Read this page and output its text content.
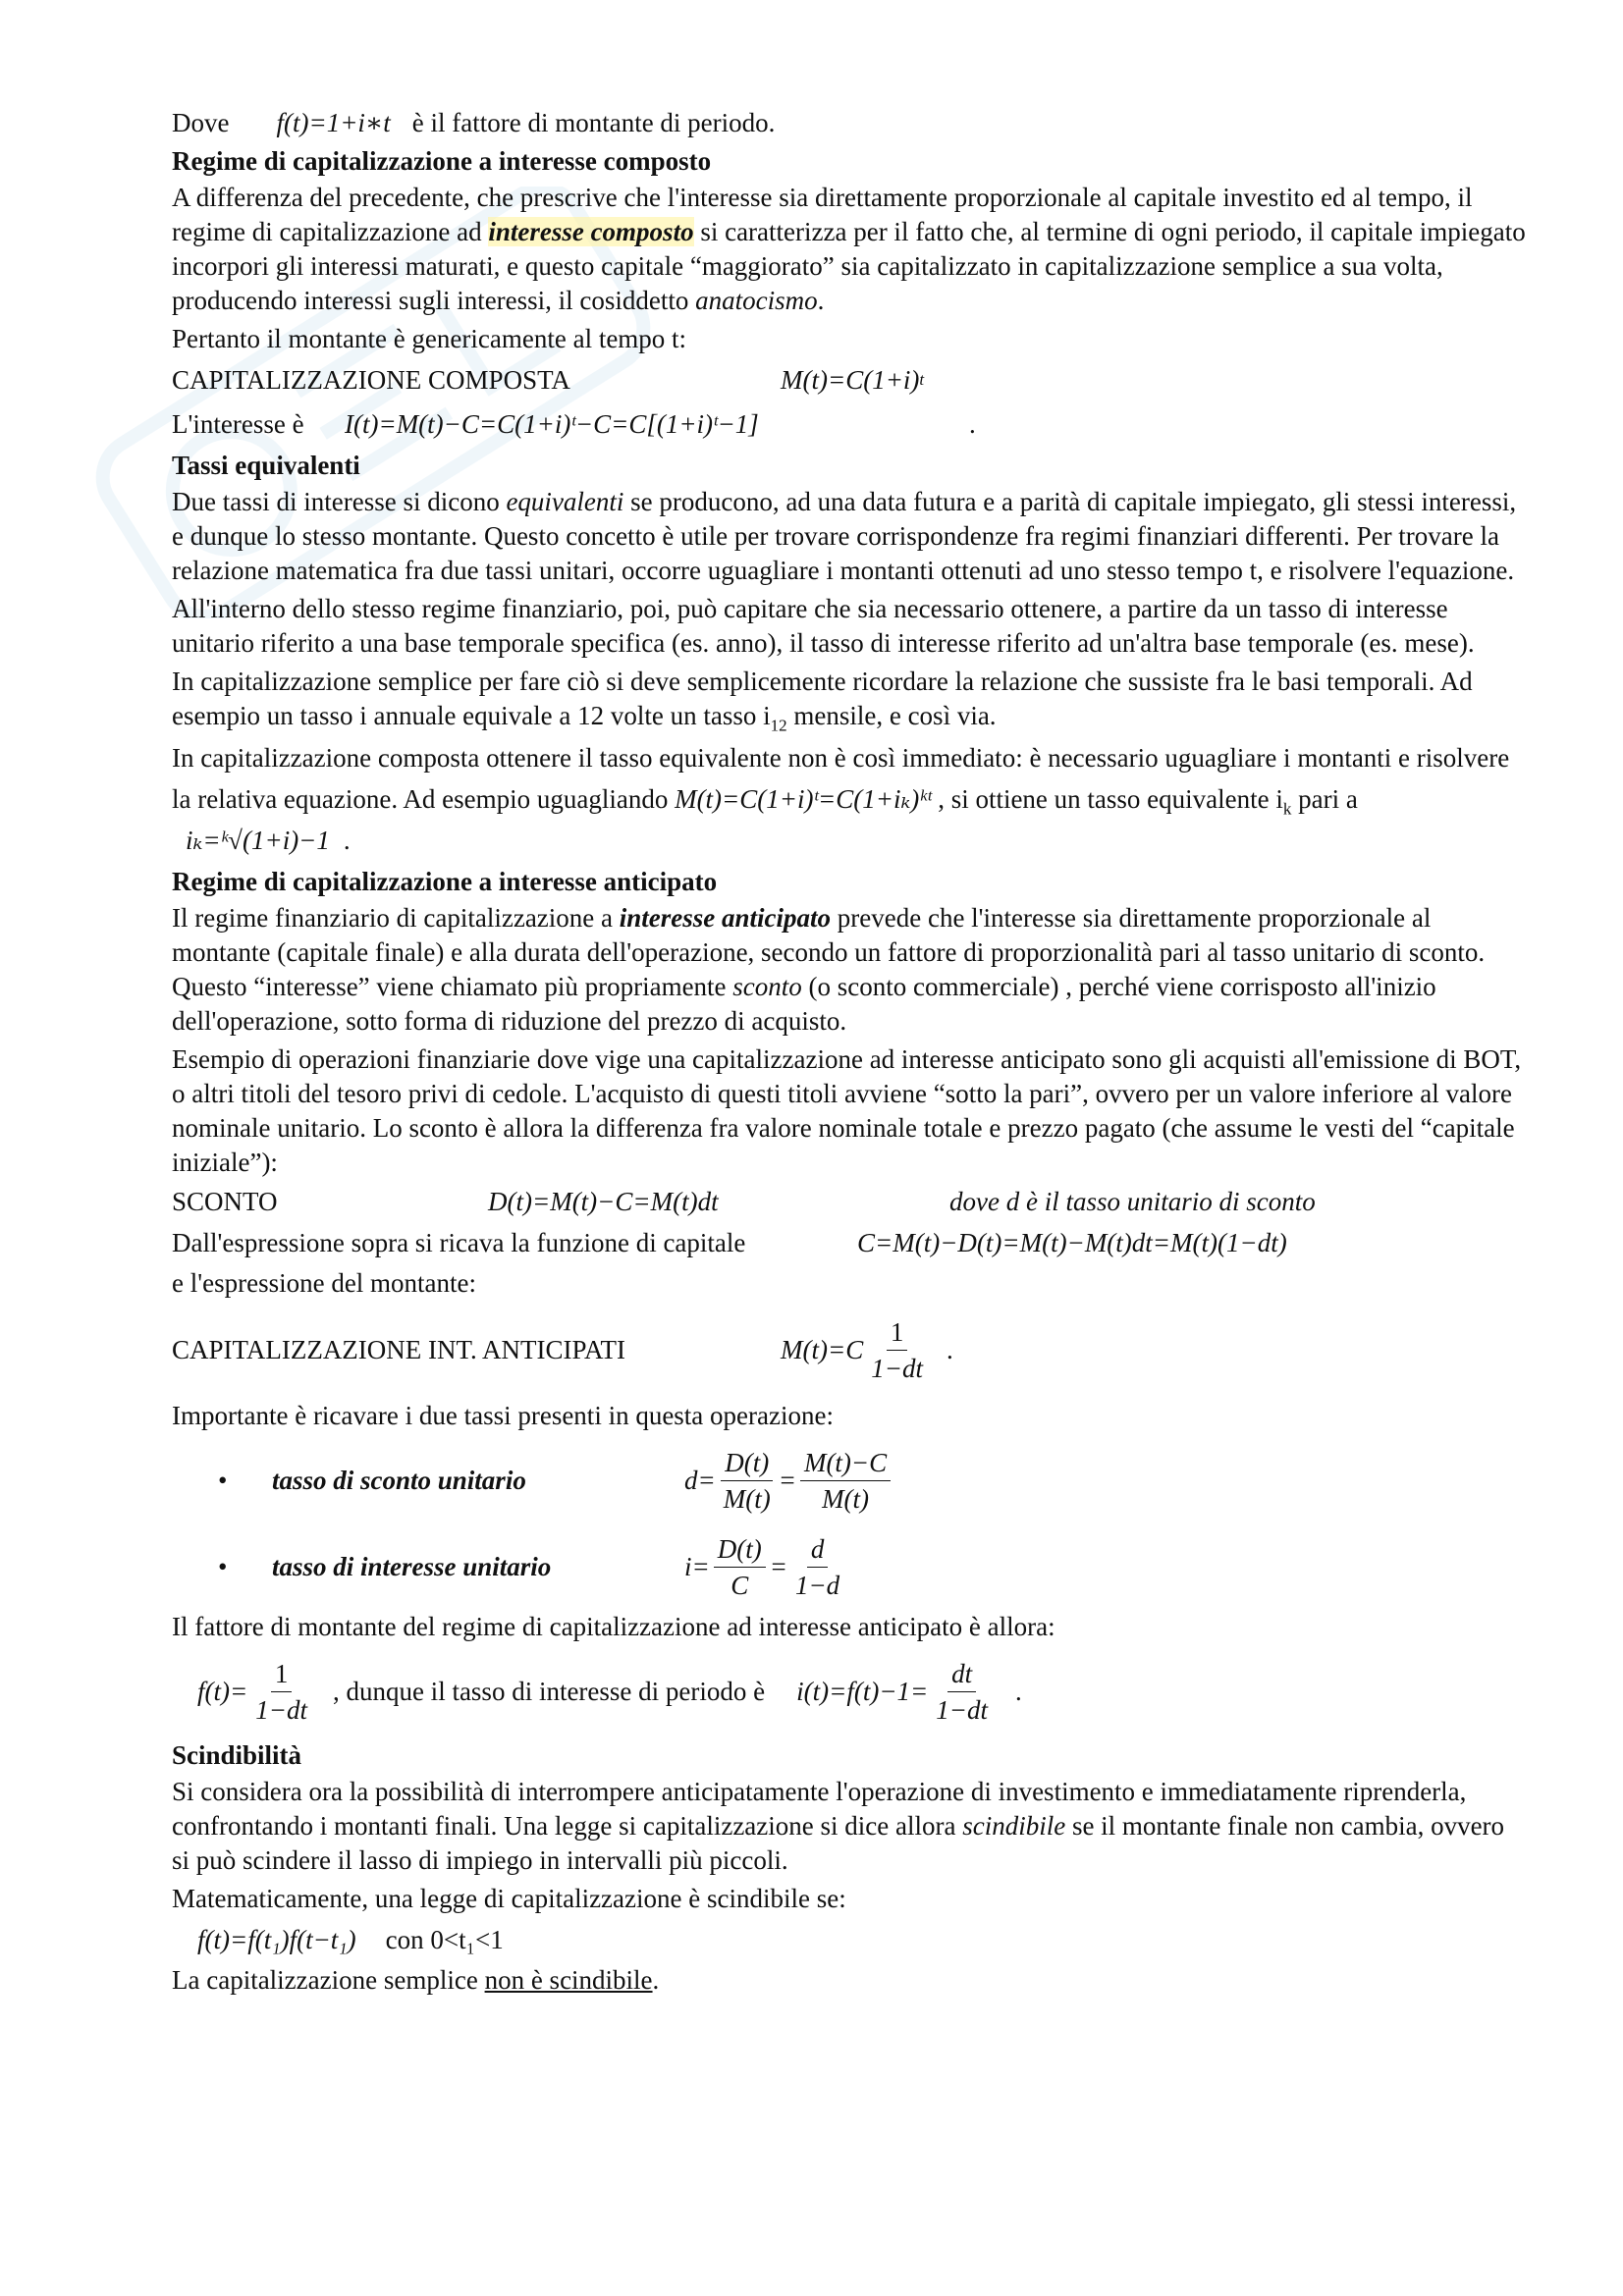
Dove f(t)=1+i∗t è il fattore di montante di periodo.

Regime di capitalizzazione a interesse composto

A differenza del precedente, che prescrive che l'interesse sia direttamente proporzionale al capitale investito ed al tempo, il regime di capitalizzazione ad interesse composto si caratterizza per il fatto che, al termine di ogni periodo, il capitale impiegato incorpori gli interessi maturati, e questo capitale “maggiorato” sia capitalizzato in capitalizzazione semplice a sua volta, producendo interessi sugli interessi, il cosiddetto anatocismo.

Pertanto il montante è genericamente al tempo t:

CAPITALIZZAZIONE COMPOSTA	M(t)=C(1+i) t

L'interesse è	I(t)=M(t)−C=C(1+i)ᵗ−C=C[(1+i)ᵗ−1]	.

Tassi equivalenti

Due tassi di interesse si dicono equivalenti se producono, ad una data futura e a parità di capitale impiegato, gli stessi interessi, e dunque lo stesso montante. Questo concetto è utile per trovare corrispondenze fra regimi finanziari differenti. Per trovare la relazione matematica fra due tassi unitari, occorre uguagliare i montanti ottenuti ad uno stesso tempo t, e risolvere l'equazione.

All'interno dello stesso regime finanziario, poi, può capitare che sia necessario ottenere, a partire da un tasso di interesse unitario riferito a una base temporale specifica (es. anno), il tasso di interesse riferito ad un'altra base temporale (es. mese).

In capitalizzazione semplice per fare ciò si deve semplicemente ricordare la relazione che sussiste fra le basi temporali. Ad esempio un tasso i annuale equivale a 12 volte un tasso $i_{12}$ mensile, e così via.

In capitalizzazione composta ottenere il tasso equivalente non è così immediato: è necessario uguagliare i montanti e risolvere la relativa equazione. Ad esempio uguagliando M(t)=C(1+i)ᵗ=C(1+iₖ)ᵏᵗ , si ottiene un tasso equivalente $i_k$ pari a iₖ=ᵏ√(1+i)−1 .

Regime di capitalizzazione a interesse anticipato

Il regime finanziario di capitalizzazione a interesse anticipato prevede che l'interesse sia direttamente proporzionale al montante (capitale finale) e alla durata dell'operazione, secondo un fattore di proporzionalità pari al tasso unitario di sconto. Questo “interesse” viene chiamato più propriamente sconto (o sconto commerciale) , perché viene corrisposto all'inizio dell'operazione, sotto forma di riduzione del prezzo di acquisto.

Esempio di operazioni finanziarie dove vige una capitalizzazione ad interesse anticipato sono gli acquisti all'emissione di BOT, o altri titoli del tesoro privi di cedole. L'acquisto di questi titoli avviene “sotto la pari”, ovvero per un valore inferiore al valore nominale unitario. Lo sconto è allora la differenza fra valore nominale totale e prezzo pagato (che assume le vesti del “capitale iniziale”):

SCONTO	D(t)=M(t)−C=M(t)dt	dove d è il tasso unitario di sconto

Dall'espressione sopra si ricava la funzione di capitale	C=M(t)−D(t)=M(t)−M(t)dt=M(t)(1−dt)

e l'espressione del montante:

CAPITALIZZAZIONE INT. ANTICIPATI	$M(t)=C \frac{1}{1-dt}$ .

Importante è ricavare i due tassi presenti in questa operazione:

•	tasso di sconto unitario	$d= \frac{D(t)}{M(t)} = \frac{M(t)-C}{M(t)}$
•	tasso di interesse unitario	$i= \frac{D(t)}{C} = \frac{d}{1-d}$

Il fattore di montante del regime di capitalizzazione ad interesse anticipato è allora:

$f(t)= \frac{1}{1-dt}$ , dunque il tasso di interesse di periodo è $i(t)=f(t)-1= \frac{dt}{1-dt}$ .

Scindibilità

Si considera ora la possibilità di interrompere anticipatamente l'operazione di investimento e immediatamente riprenderla, confrontando i montanti finali. Una legge si capitalizzazione si dice allora scindibile se il montante finale non cambia, ovvero si può scindere il lasso di impiego in intervalli più piccoli.

Matematicamente, una legge di capitalizzazione è scindibile se:

f(t)=f(t₁)f(t−t₁) con 0<t₁<1

La capitalizzazione semplice non è scindibile.
